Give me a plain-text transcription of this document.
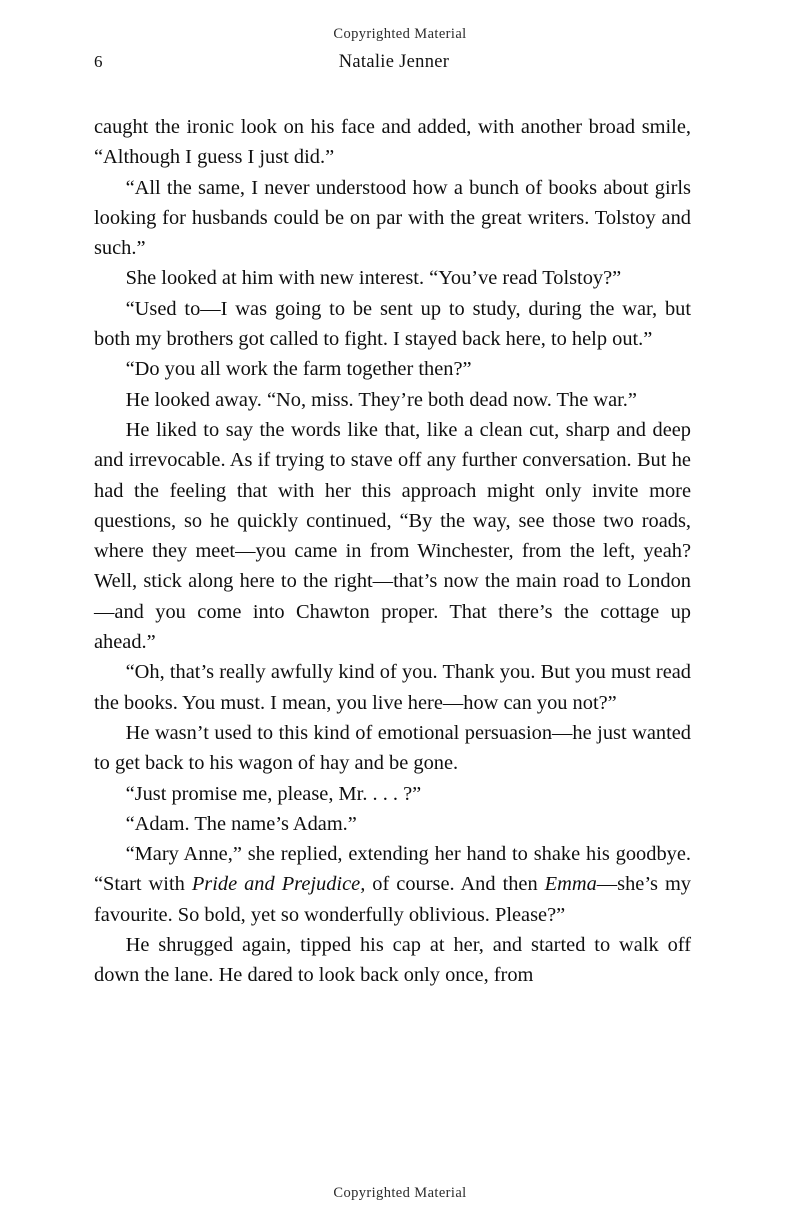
Copyrighted Material
6	Natalie Jenner

caught the ironic look on his face and added, with another broad smile, “Although I guess I just did.”

“All the same, I never understood how a bunch of books about girls looking for husbands could be on par with the great writers. Tolstoy and such.”

She looked at him with new interest. “You’ve read Tolstoy?”

“Used to—I was going to be sent up to study, during the war, but both my brothers got called to fight. I stayed back here, to help out.”

“Do you all work the farm together then?”

He looked away. “No, miss. They’re both dead now. The war.”

He liked to say the words like that, like a clean cut, sharp and deep and irrevocable. As if trying to stave off any further conversation. But he had the feeling that with her this approach might only invite more questions, so he quickly continued, “By the way, see those two roads, where they meet—you came in from Winchester, from the left, yeah? Well, stick along here to the right—that’s now the main road to London—and you come into Chawton proper. That there’s the cottage up ahead.”

“Oh, that’s really awfully kind of you. Thank you. But you must read the books. You must. I mean, you live here—how can you not?”

He wasn’t used to this kind of emotional persuasion—he just wanted to get back to his wagon of hay and be gone.

“Just promise me, please, Mr. . . . ?”

“Adam. The name’s Adam.”

“Mary Anne,” she replied, extending her hand to shake his goodbye. “Start with Pride and Prejudice, of course. And then Emma—she’s my favourite. So bold, yet so wonderfully oblivious. Please?”

He shrugged again, tipped his cap at her, and started to walk off down the lane. He dared to look back only once, from

Copyrighted Material
